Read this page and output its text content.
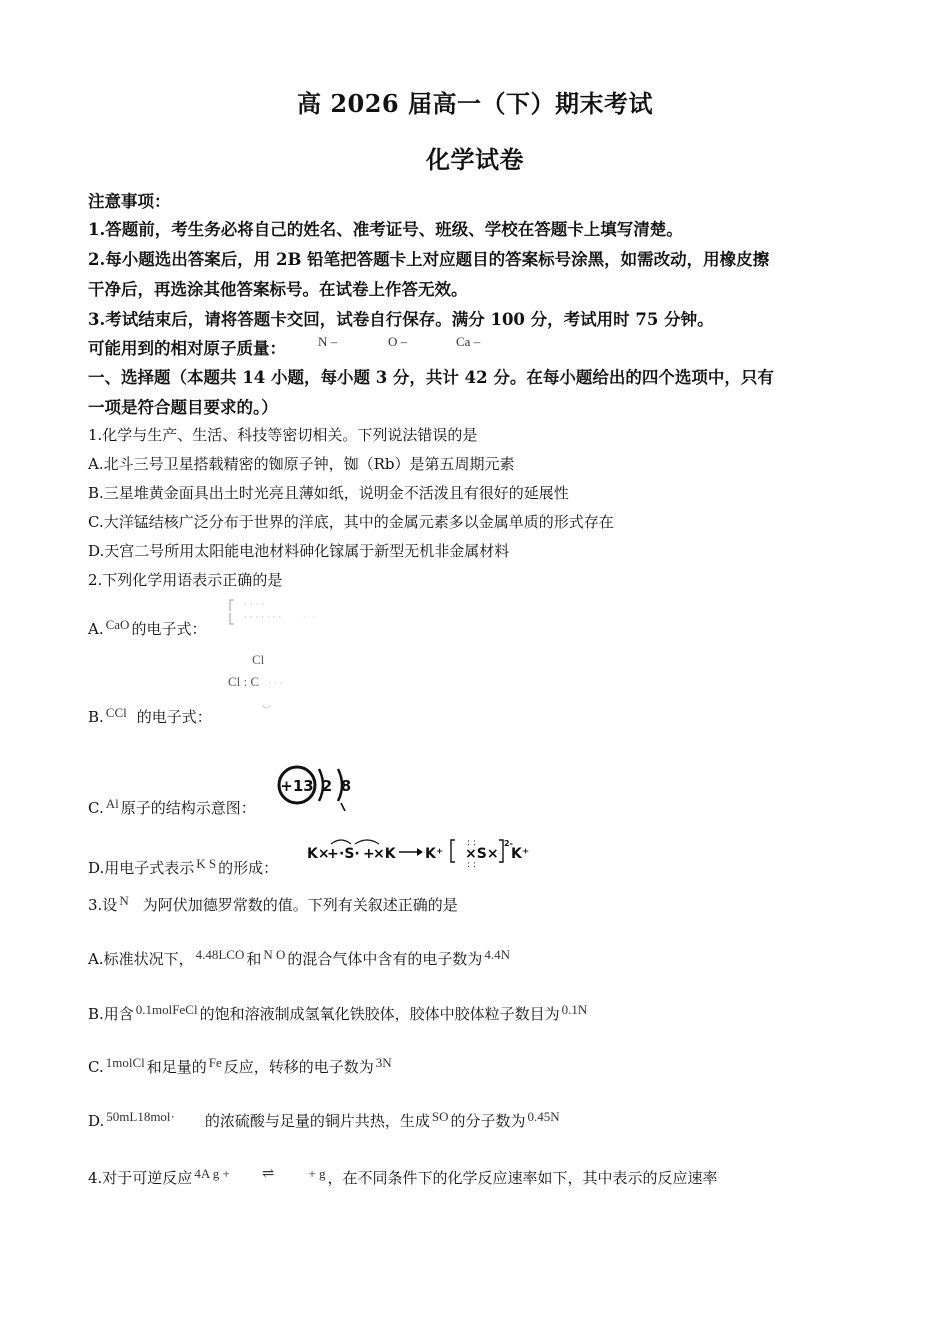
高 2026 届高一（下）期末考试
化学试卷
注意事项：
1.答题前，考生务必将自己的姓名、准考证号、班级、学校在答题卡上填写清楚。
2.每小题选出答案后，用 2B 铅笔把答题卡上对应题目的答案标号涂黑，如需改动，用橡皮擦
干净后，再选涂其他答案标号。在试卷上作答无效。
3.考试结束后，请将答题卡交回，试卷自行保存。满分 100 分，考试用时 75 分钟。
可能用到的相对原子质量： N –	O –	Ca –
一、选择题（本题共 14 小题，每小题 3 分，共计 42 分。在每小题给出的四个选项中，只有
一项是符合题目要求的。）
1.化学与生产、生活、科技等密切相关。下列说法错误的是
A.北斗三号卫星搭载精密的铷原子钟，铷（Rb）是第五周期元素
B.三星堆黄金面具出土时光亮且薄如纸，说明金不活泼且有很好的延展性
C.大洋锰结核广泛分布于世界的洋底，其中的金属元素多以金属单质的形式存在
D.天宫二号所用太阳能电池材料砷化镓属于新型无机非金属材料
2.下列化学用语表示正确的是
A. CaO 的电子式：
· · · ·
· · · · · · · · · · ·
B. CCl 的电子式：
Cl
Cl : C · · ·
ب
C. Al 原子的结构示意图：
+13 2 8
D.用电子式表示 K S 的形成：
K×
+ ·S· +
×K K⁺ ×S× K⁺
: :
: :
2-
3.设 N 为阿伏加德罗常数的值。下列有关叙述正确的是
A.标准状况下， 4.48LCO 和 N O 的混合气体中含有的电子数为 4.4N
B.用含 0.1molFeCl 的饱和溶液制成氢氧化铁胶体，胶体中胶体粒子数目为 0.1N
C. 1molCl 和足量的 Fe 反应，转移的电子数为 3N
D. 50mL18mol· 的浓硫酸与足量的铜片共热，生成 SO 的分子数为 0.45N
4.对于可逆反应 4A g + ⇌	+ g ，在不同条件下的化学反应速率如下，其中表示的反应速率
